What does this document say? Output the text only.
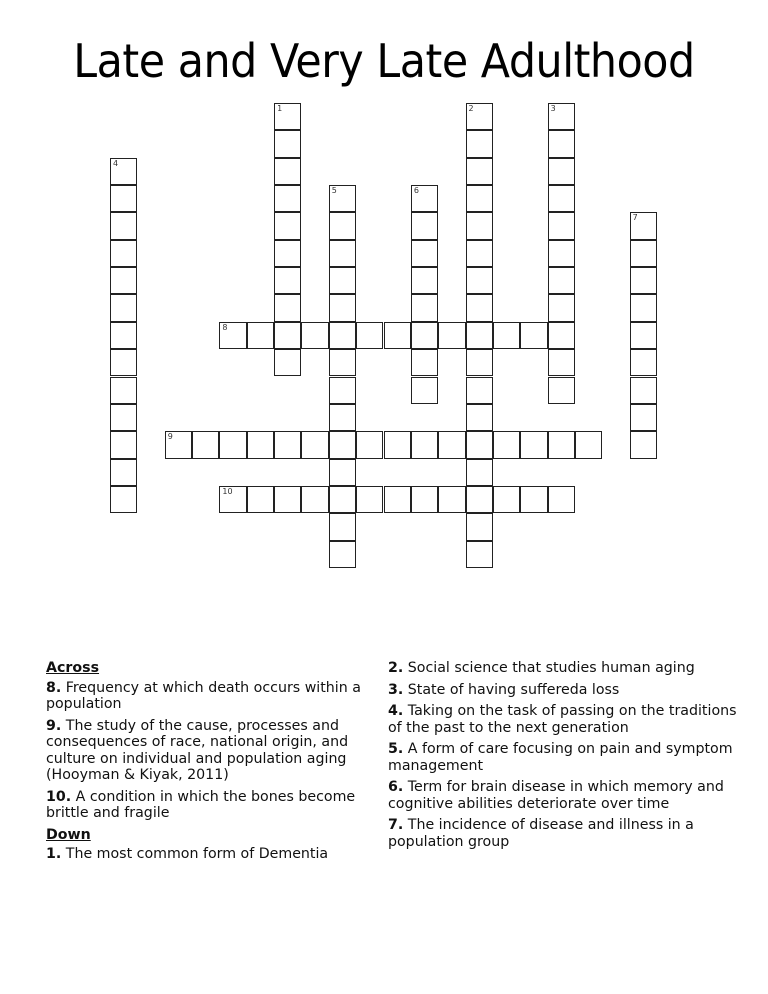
Late and Very Late Adulthood
1	2	3
4
5	6
7
8
9
10
Across
8. Frequency at which death occurs within a population
9. The study of the cause, processes and consequences of race, national origin, and culture on individual and population aging (Hooyman & Kiyak, 2011)
10. A condition in which the bones become brittle and fragile
Down
1. The most common form of Dementia
2. Social science that studies human aging
3. State of having suffereda loss
4. Taking on the task of passing on the traditions of the past to the next generation
5. A form of care focusing on pain and symptom management
6. Term for brain disease in which memory and cognitive abilities deteriorate over time
7. The incidence of disease and illness in a population group
